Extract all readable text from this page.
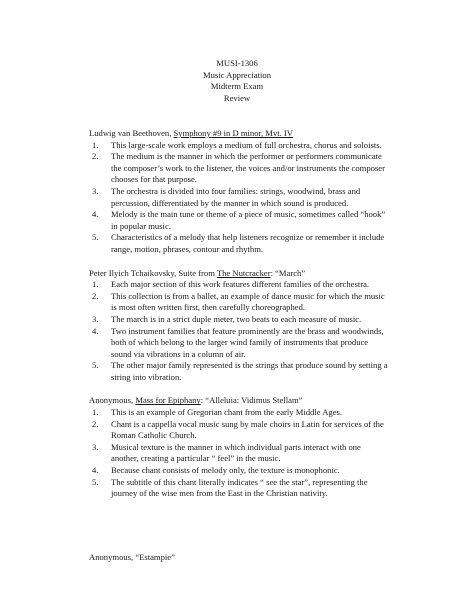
MUSI-1306
Music Appreciation
Midterm Exam
Review

Ludwig van Beethoven, Symphony #9 in D minor, Mvt. IV

1. This large-scale work employs a medium of full orchestra, chorus and soloists.
2. The medium is the manner in which the performer or performers communicate the composer’s work to the listener, the voices and/or instruments the composer chooses for that purpose.
3. The orchestra is divided into four families: strings, woodwind, brass and percussion, differentiated by the manner in which sound is produced.
4. Melody is the main tune or theme of a piece of music, sometimes called “hook” in popular music.
5. Characteristics of a melody that help listeners recognize or remember it include range, motion, phrases, contour and rhythm.

Peter Ilyich Tchaikovsky, Suite from The Nutcracker: “March”

1. Each major section of this work features different families of the orchestra.
2. This collection is from a ballet, an example of dance music for which the music is most often written first, then carefully choreographed.
3. The march is in a strict duple meter, two beats to each measure of music.
4. Two instrument families that feature prominently are the brass and woodwinds, both of which belong to the larger wind family of instruments that produce sound via vibrations in a column of air.
5. The other major family represented is the strings that produce sound by setting a string into vibration.

Anonymous, Mass for Epiphany: “Alleluia: Vidimus Stellam”

1. This is an example of Gregorian chant from the early Middle Ages.
2. Chant is a cappella vocal music sung by male choirs in Latin for services of the Roman Catholic Church.
3. Musical texture is the manner in which individual parts interact with one another, creating a particular “ feel” in the music.
4. Because chant consists of melody only, the texture is monophonic.
5. The subtitle of this chant literally indicates “ see the star”, representing the journey of the wise men from the East in the Christian nativity.
Anonymous, “Estampie”
